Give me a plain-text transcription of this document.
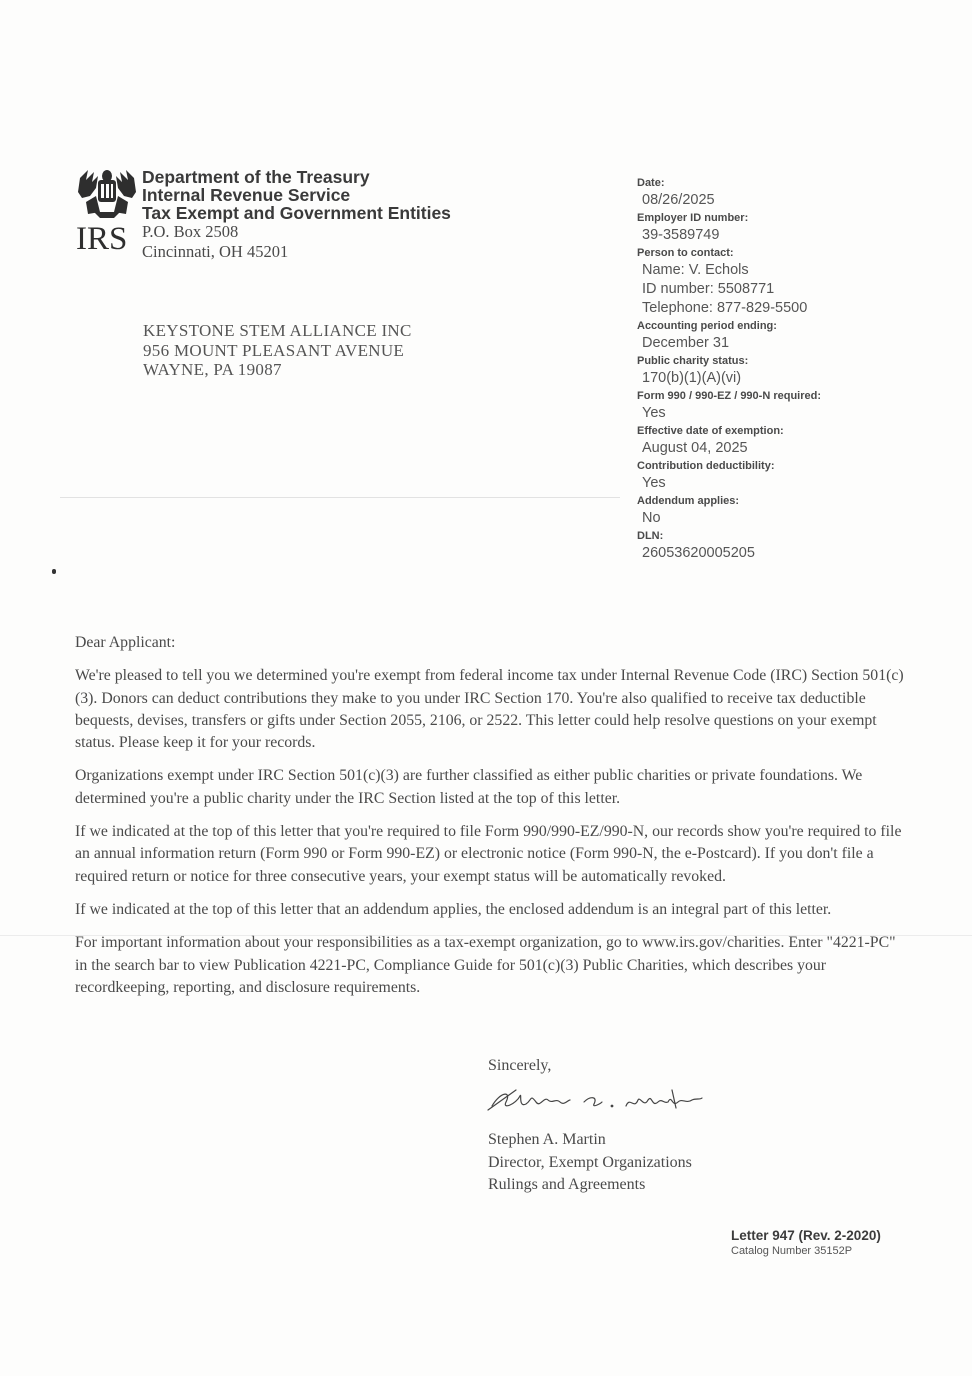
IRS
Department of the Treasury
Internal Revenue Service
Tax Exempt and Government Entities
P.O. Box 2508
Cincinnati, OH 45201
KEYSTONE STEM ALLIANCE INC
956 MOUNT PLEASANT AVENUE
WAYNE, PA 19087
Date:
08/26/2025
Employer ID number:
39-3589749
Person to contact:
Name: V. Echols
ID number: 5508771
Telephone: 877-829-5500
Accounting period ending:
December 31
Public charity status:
170(b)(1)(A)(vi)
Form 990 / 990-EZ / 990-N required:
Yes
Effective date of exemption:
August 04, 2025
Contribution deductibility:
Yes
Addendum applies:
No
DLN:
26053620005205

Dear Applicant:

We're pleased to tell you we determined you're exempt from federal income tax under Internal Revenue Code (IRC) Section 501(c)(3). Donors can deduct contributions they make to you under IRC Section 170. You're also qualified to receive tax deductible bequests, devises, transfers or gifts under Section 2055, 2106, or 2522. This letter could help resolve questions on your exempt status. Please keep it for your records.

Organizations exempt under IRC Section 501(c)(3) are further classified as either public charities or private foundations. We determined you're a public charity under the IRC Section listed at the top of this letter.

If we indicated at the top of this letter that you're required to file Form 990/990-EZ/990-N, our records show you're required to file an annual information return (Form 990 or Form 990-EZ) or electronic notice (Form 990-N, the e-Postcard). If you don't file a required return or notice for three consecutive years, your exempt status will be automatically revoked.

If we indicated at the top of this letter that an addendum applies, the enclosed addendum is an integral part of this letter.

For important information about your responsibilities as a tax-exempt organization, go to www.irs.gov/charities. Enter "4221-PC" in the search bar to view Publication 4221-PC, Compliance Guide for 501(c)(3) Public Charities, which describes your recordkeeping, reporting, and disclosure requirements.

Sincerely,
Stephen A. Martin
Director, Exempt Organizations
Rulings and Agreements
Letter 947 (Rev. 2-2020)
Catalog Number 35152P
